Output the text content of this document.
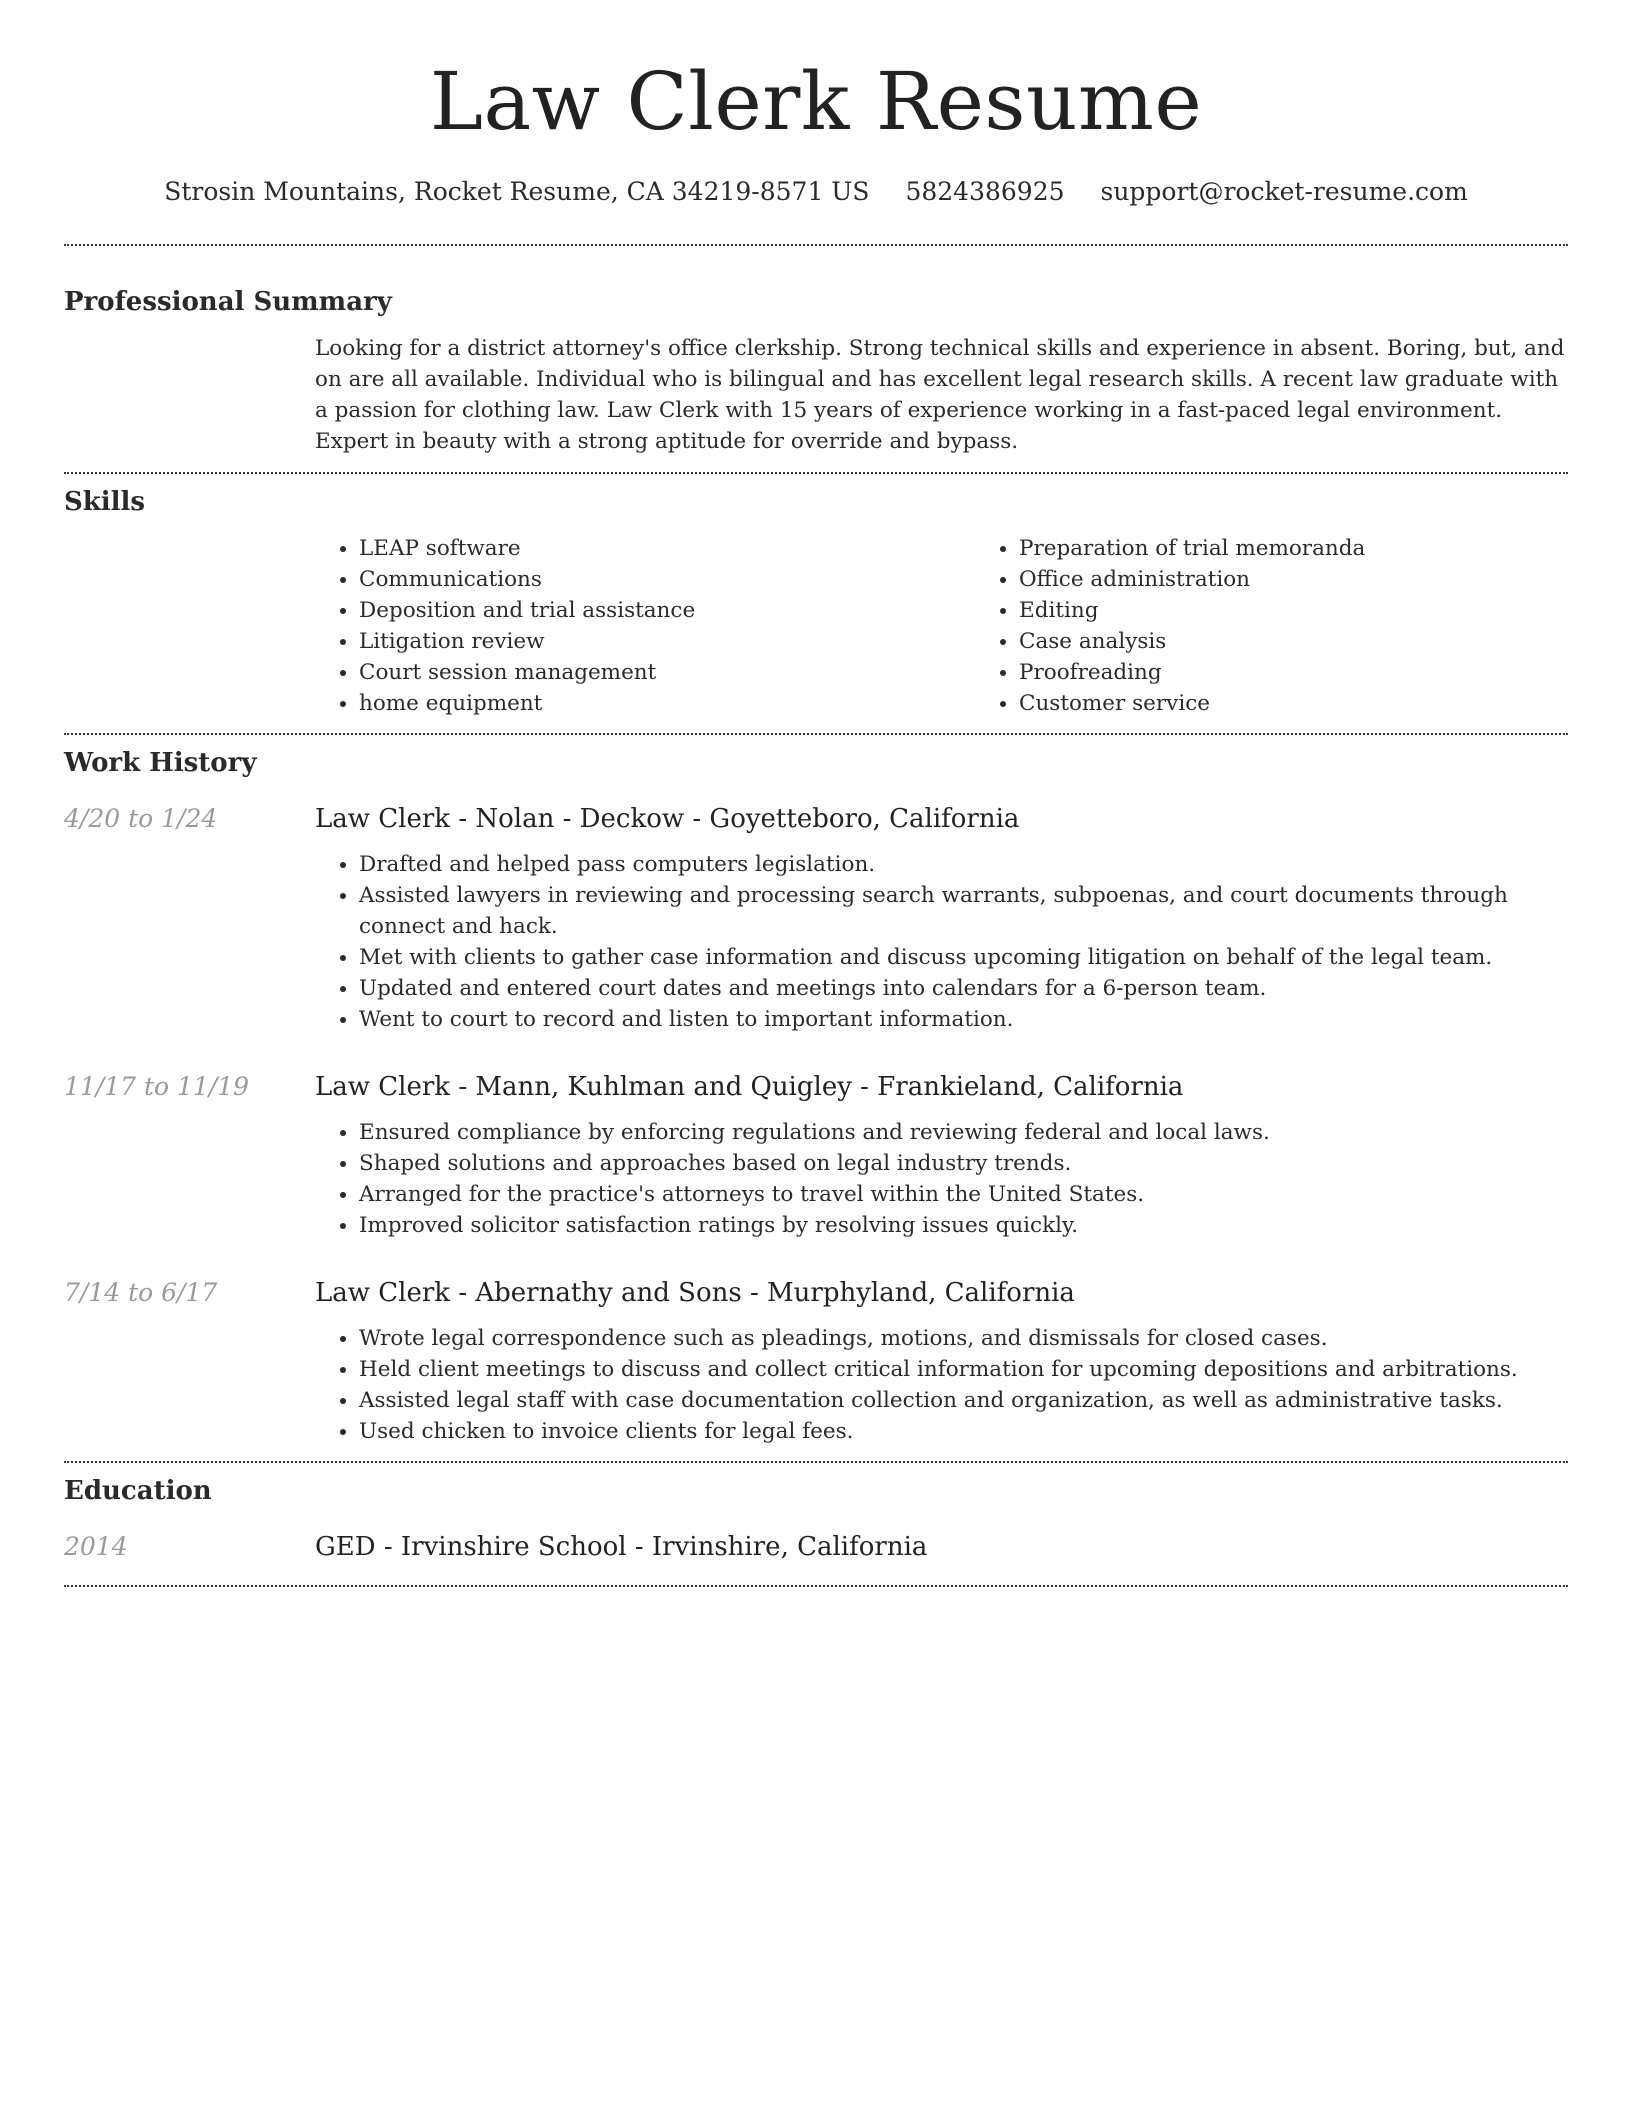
Law Clerk Resume
Strosin Mountains, Rocket Resume, CA 34219-8571 US 5824386925 support@rocket-resume.com
Professional Summary

Looking for a district attorney's office clerkship. Strong technical skills and experience in absent. Boring, but, and on are all available. Individual who is bilingual and has excellent legal research skills. A recent law graduate with a passion for clothing law. Law Clerk with 15 years of experience working in a fast-paced legal environment. Expert in beauty with a strong aptitude for override and bypass.

Skills
• LEAP software
• Communications
• Deposition and trial assistance
• Litigation review
• Court session management
• home equipment
• Preparation of trial memoranda
• Office administration
• Editing
• Case analysis
• Proofreading
• Customer service
Work History
4/20 to 1/24	Law Clerk - Nolan - Deckow - Goyetteboro, California
• Drafted and helped pass computers legislation.
• Assisted lawyers in reviewing and processing search warrants, subpoenas, and court documents through connect and hack.
• Met with clients to gather case information and discuss upcoming litigation on behalf of the legal team.
• Updated and entered court dates and meetings into calendars for a 6-person team.
• Went to court to record and listen to important information.
11/17 to 11/19	Law Clerk - Mann, Kuhlman and Quigley - Frankieland, California
• Ensured compliance by enforcing regulations and reviewing federal and local laws.
• Shaped solutions and approaches based on legal industry trends.
• Arranged for the practice's attorneys to travel within the United States.
• Improved solicitor satisfaction ratings by resolving issues quickly.
7/14 to 6/17	Law Clerk - Abernathy and Sons - Murphyland, California
• Wrote legal correspondence such as pleadings, motions, and dismissals for closed cases.
• Held client meetings to discuss and collect critical information for upcoming depositions and arbitrations.
• Assisted legal staff with case documentation collection and organization, as well as administrative tasks.
• Used chicken to invoice clients for legal fees.
Education
2014	GED - Irvinshire School - Irvinshire, California
